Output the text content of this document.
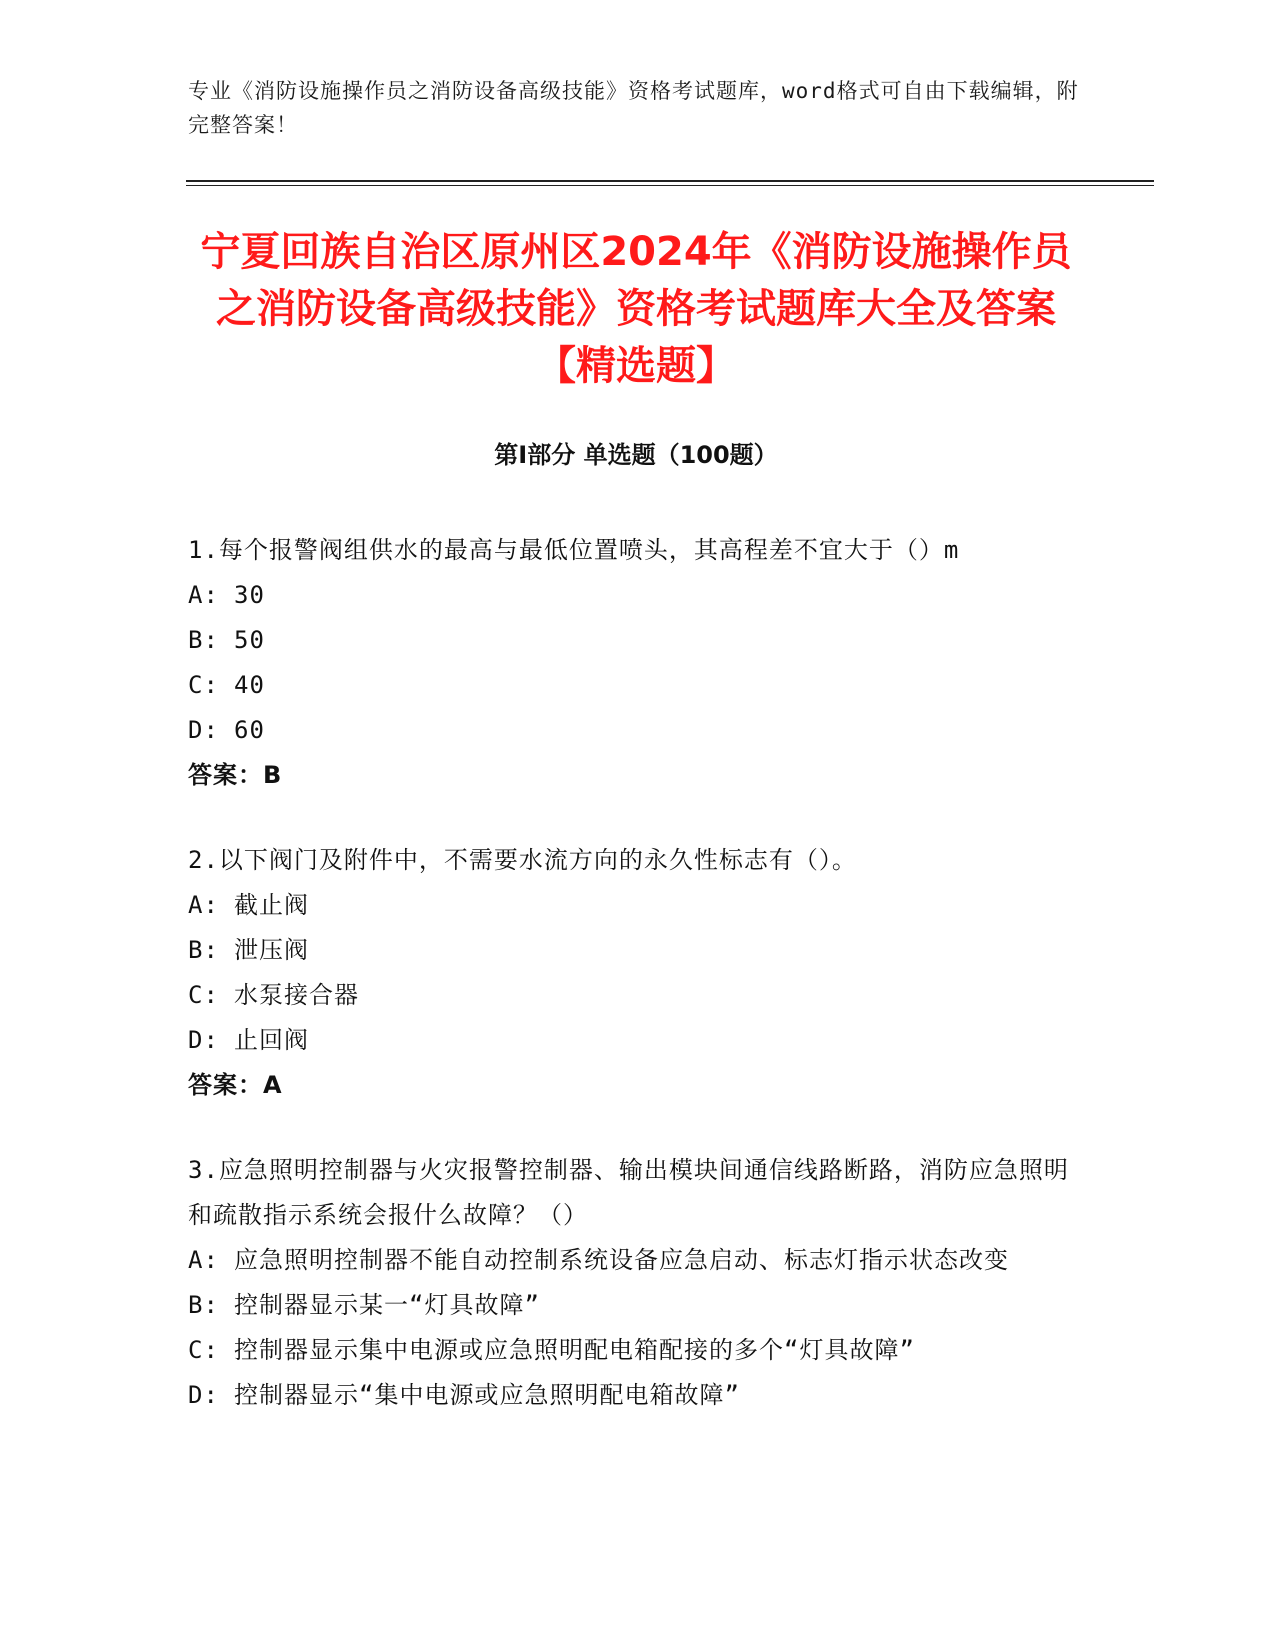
专业《消防设施操作员之消防设备高级技能》资格考试题库，word格式可自由下载编辑，附完整答案！
宁夏回族自治区原州区2024年《消防设施操作员之消防设备高级技能》资格考试题库大全及答案【精选题】
第Ⅰ部分 单选题（100题）
1.每个报警阀组供水的最高与最低位置喷头，其高程差不宜大于（）m
A: 30
B: 50
C: 40
D: 60
答案：B
2.以下阀门及附件中，不需要水流方向的永久性标志有（）。
A: 截止阀
B: 泄压阀
C: 水泵接合器
D: 止回阀
答案：A
3.应急照明控制器与火灾报警控制器、输出模块间通信线路断路，消防应急照明和疏散指示系统会报什么故障？（）
A: 应急照明控制器不能自动控制系统设备应急启动、标志灯指示状态改变
B: 控制器显示某一“灯具故障”
C: 控制器显示集中电源或应急照明配电箱配接的多个“灯具故障”
D: 控制器显示“集中电源或应急照明配电箱故障”
